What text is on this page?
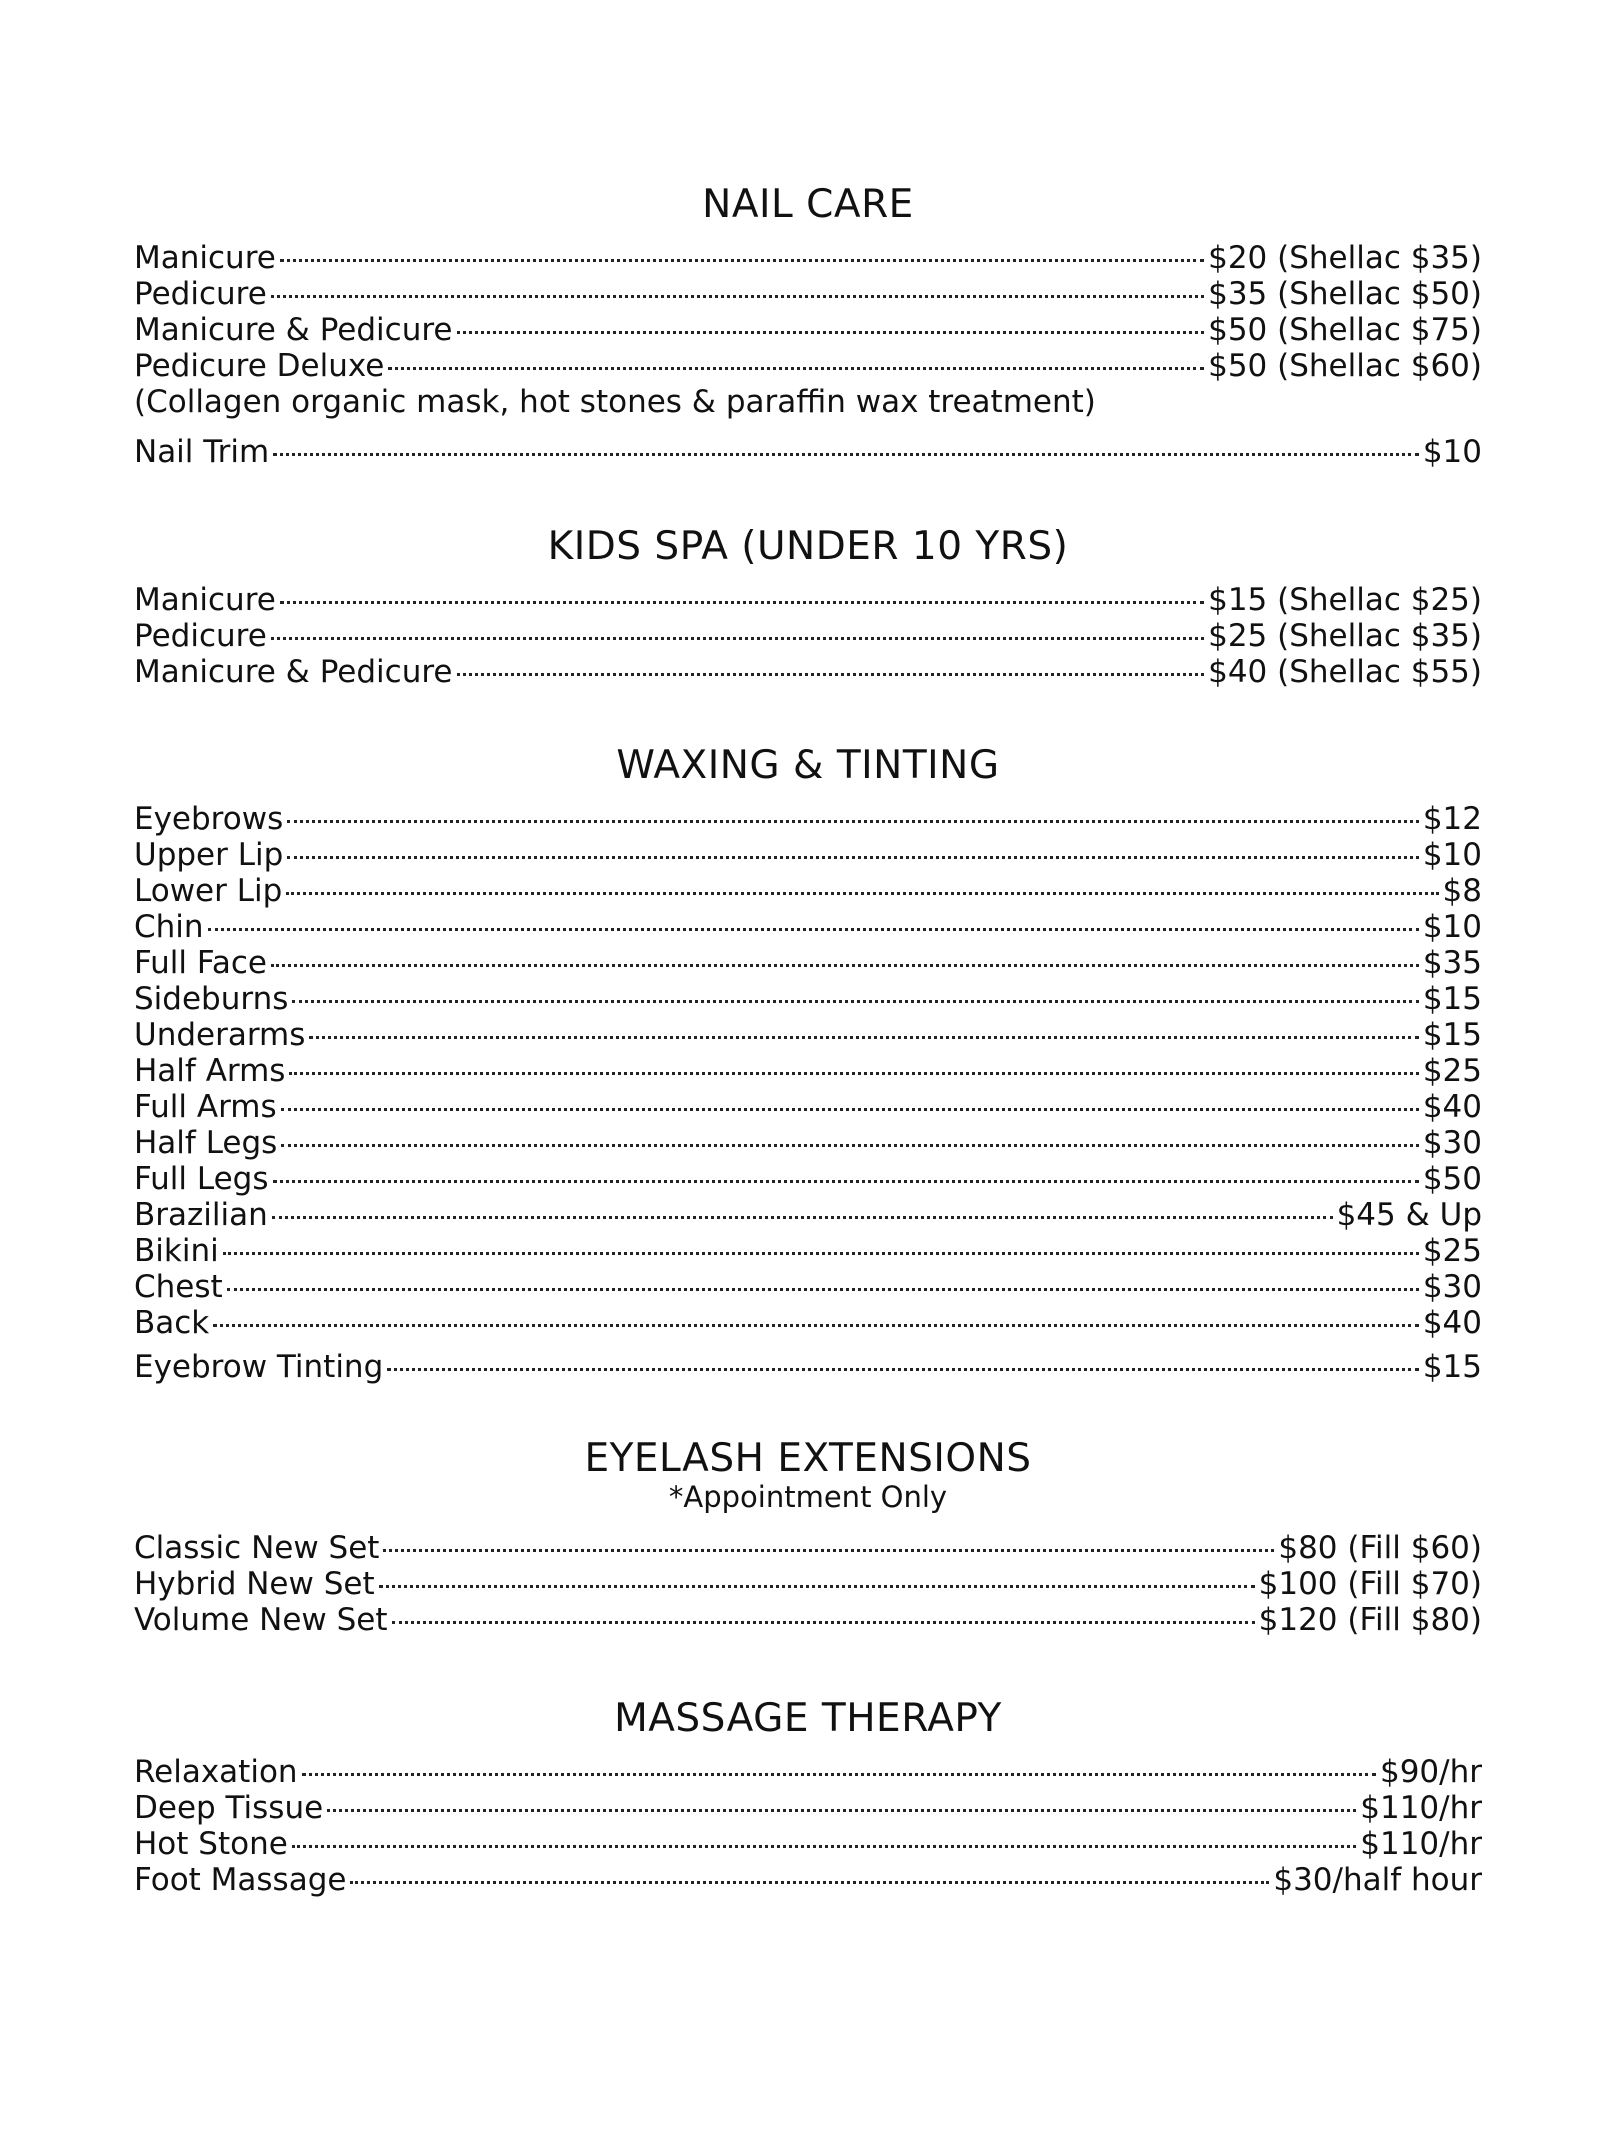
NAIL CARE
Manicure	$20 (Shellac $35)
Pedicure	$35 (Shellac $50)
Manicure & Pedicure	$50 (Shellac $75)
Pedicure Deluxe	$50 (Shellac $60)

(Collagen organic mask, hot stones & paraffin wax treatment)

Nail Trim	$10
KIDS SPA (UNDER 10 YRS)
Manicure	$15 (Shellac $25)
Pedicure	$25 (Shellac $35)
Manicure & Pedicure	$40 (Shellac $55)
WAXING & TINTING
Eyebrows	$12
Upper Lip	$10
Lower Lip	$8
Chin	$10
Full Face	$35
Sideburns	$15
Underarms	$15
Half Arms	$25
Full Arms	$40
Half Legs	$30
Full Legs	$50
Brazilian	$45 & Up
Bikini	$25
Chest	$30
Back	$40
Eyebrow Tinting	$15
EYELASH EXTENSIONS

*Appointment Only

Classic New Set	$80 (Fill $60)
Hybrid New Set	$100 (Fill $70)
Volume New Set	$120 (Fill $80)
MASSAGE THERAPY
Relaxation	$90/hr
Deep Tissue	$110/hr
Hot Stone	$110/hr
Foot Massage	$30/half hour
